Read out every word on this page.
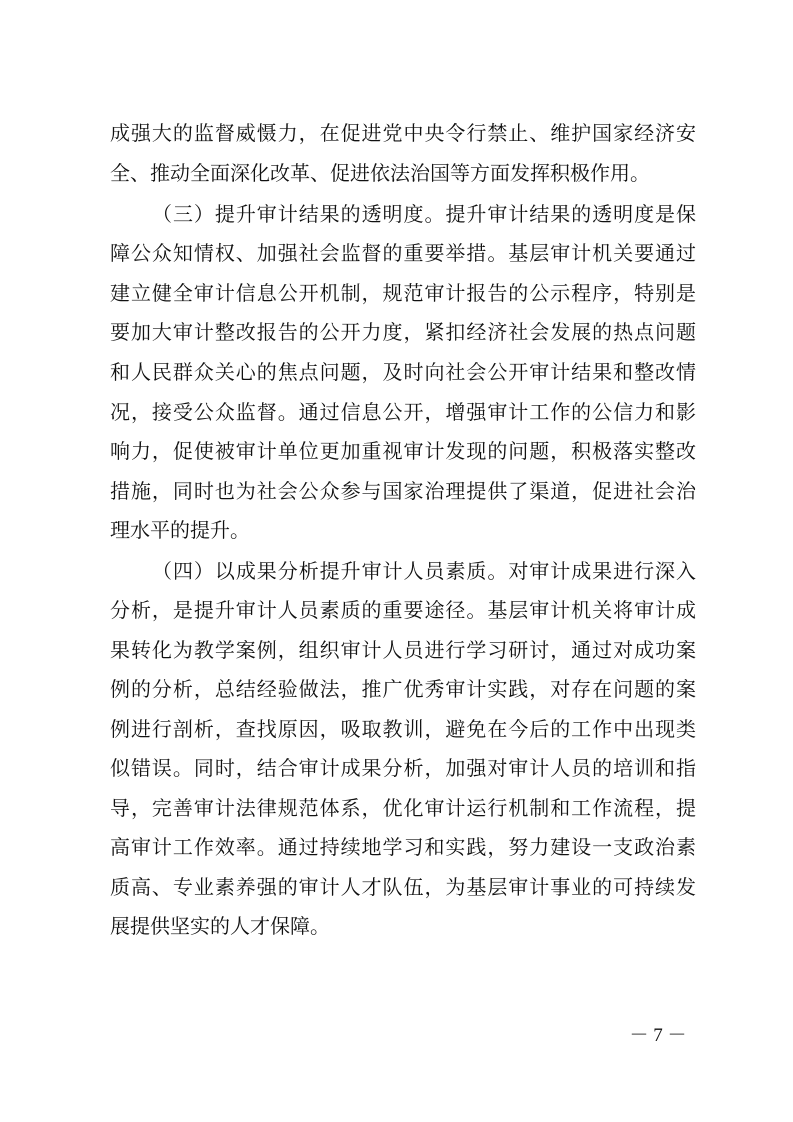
成强大的监督威慑力，在促进党中央令行禁止、维护国家经济安
全、推动全面深化改革、促进依法治国等方面发挥积极作用。
（三）提升审计结果的透明度。提升审计结果的透明度是保
障公众知情权、加强社会监督的重要举措。基层审计机关要通过
建立健全审计信息公开机制，规范审计报告的公示程序，特别是
要加大审计整改报告的公开力度，紧扣经济社会发展的热点问题
和人民群众关心的焦点问题，及时向社会公开审计结果和整改情
况，接受公众监督。通过信息公开，增强审计工作的公信力和影
响力，促使被审计单位更加重视审计发现的问题，积极落实整改
措施，同时也为社会公众参与国家治理提供了渠道，促进社会治
理水平的提升。
（四）以成果分析提升审计人员素质。对审计成果进行深入
分析，是提升审计人员素质的重要途径。基层审计机关将审计成
果转化为教学案例，组织审计人员进行学习研讨，通过对成功案
例的分析，总结经验做法，推广优秀审计实践，对存在问题的案
例进行剖析，查找原因，吸取教训，避免在今后的工作中出现类
似错误。同时，结合审计成果分析，加强对审计人员的培训和指
导，完善审计法律规范体系，优化审计运行机制和工作流程，提
高审计工作效率。通过持续地学习和实践，努力建设一支政治素
质高、专业素养强的审计人才队伍，为基层审计事业的可持续发
展提供坚实的人才保障。
－ 7 －
